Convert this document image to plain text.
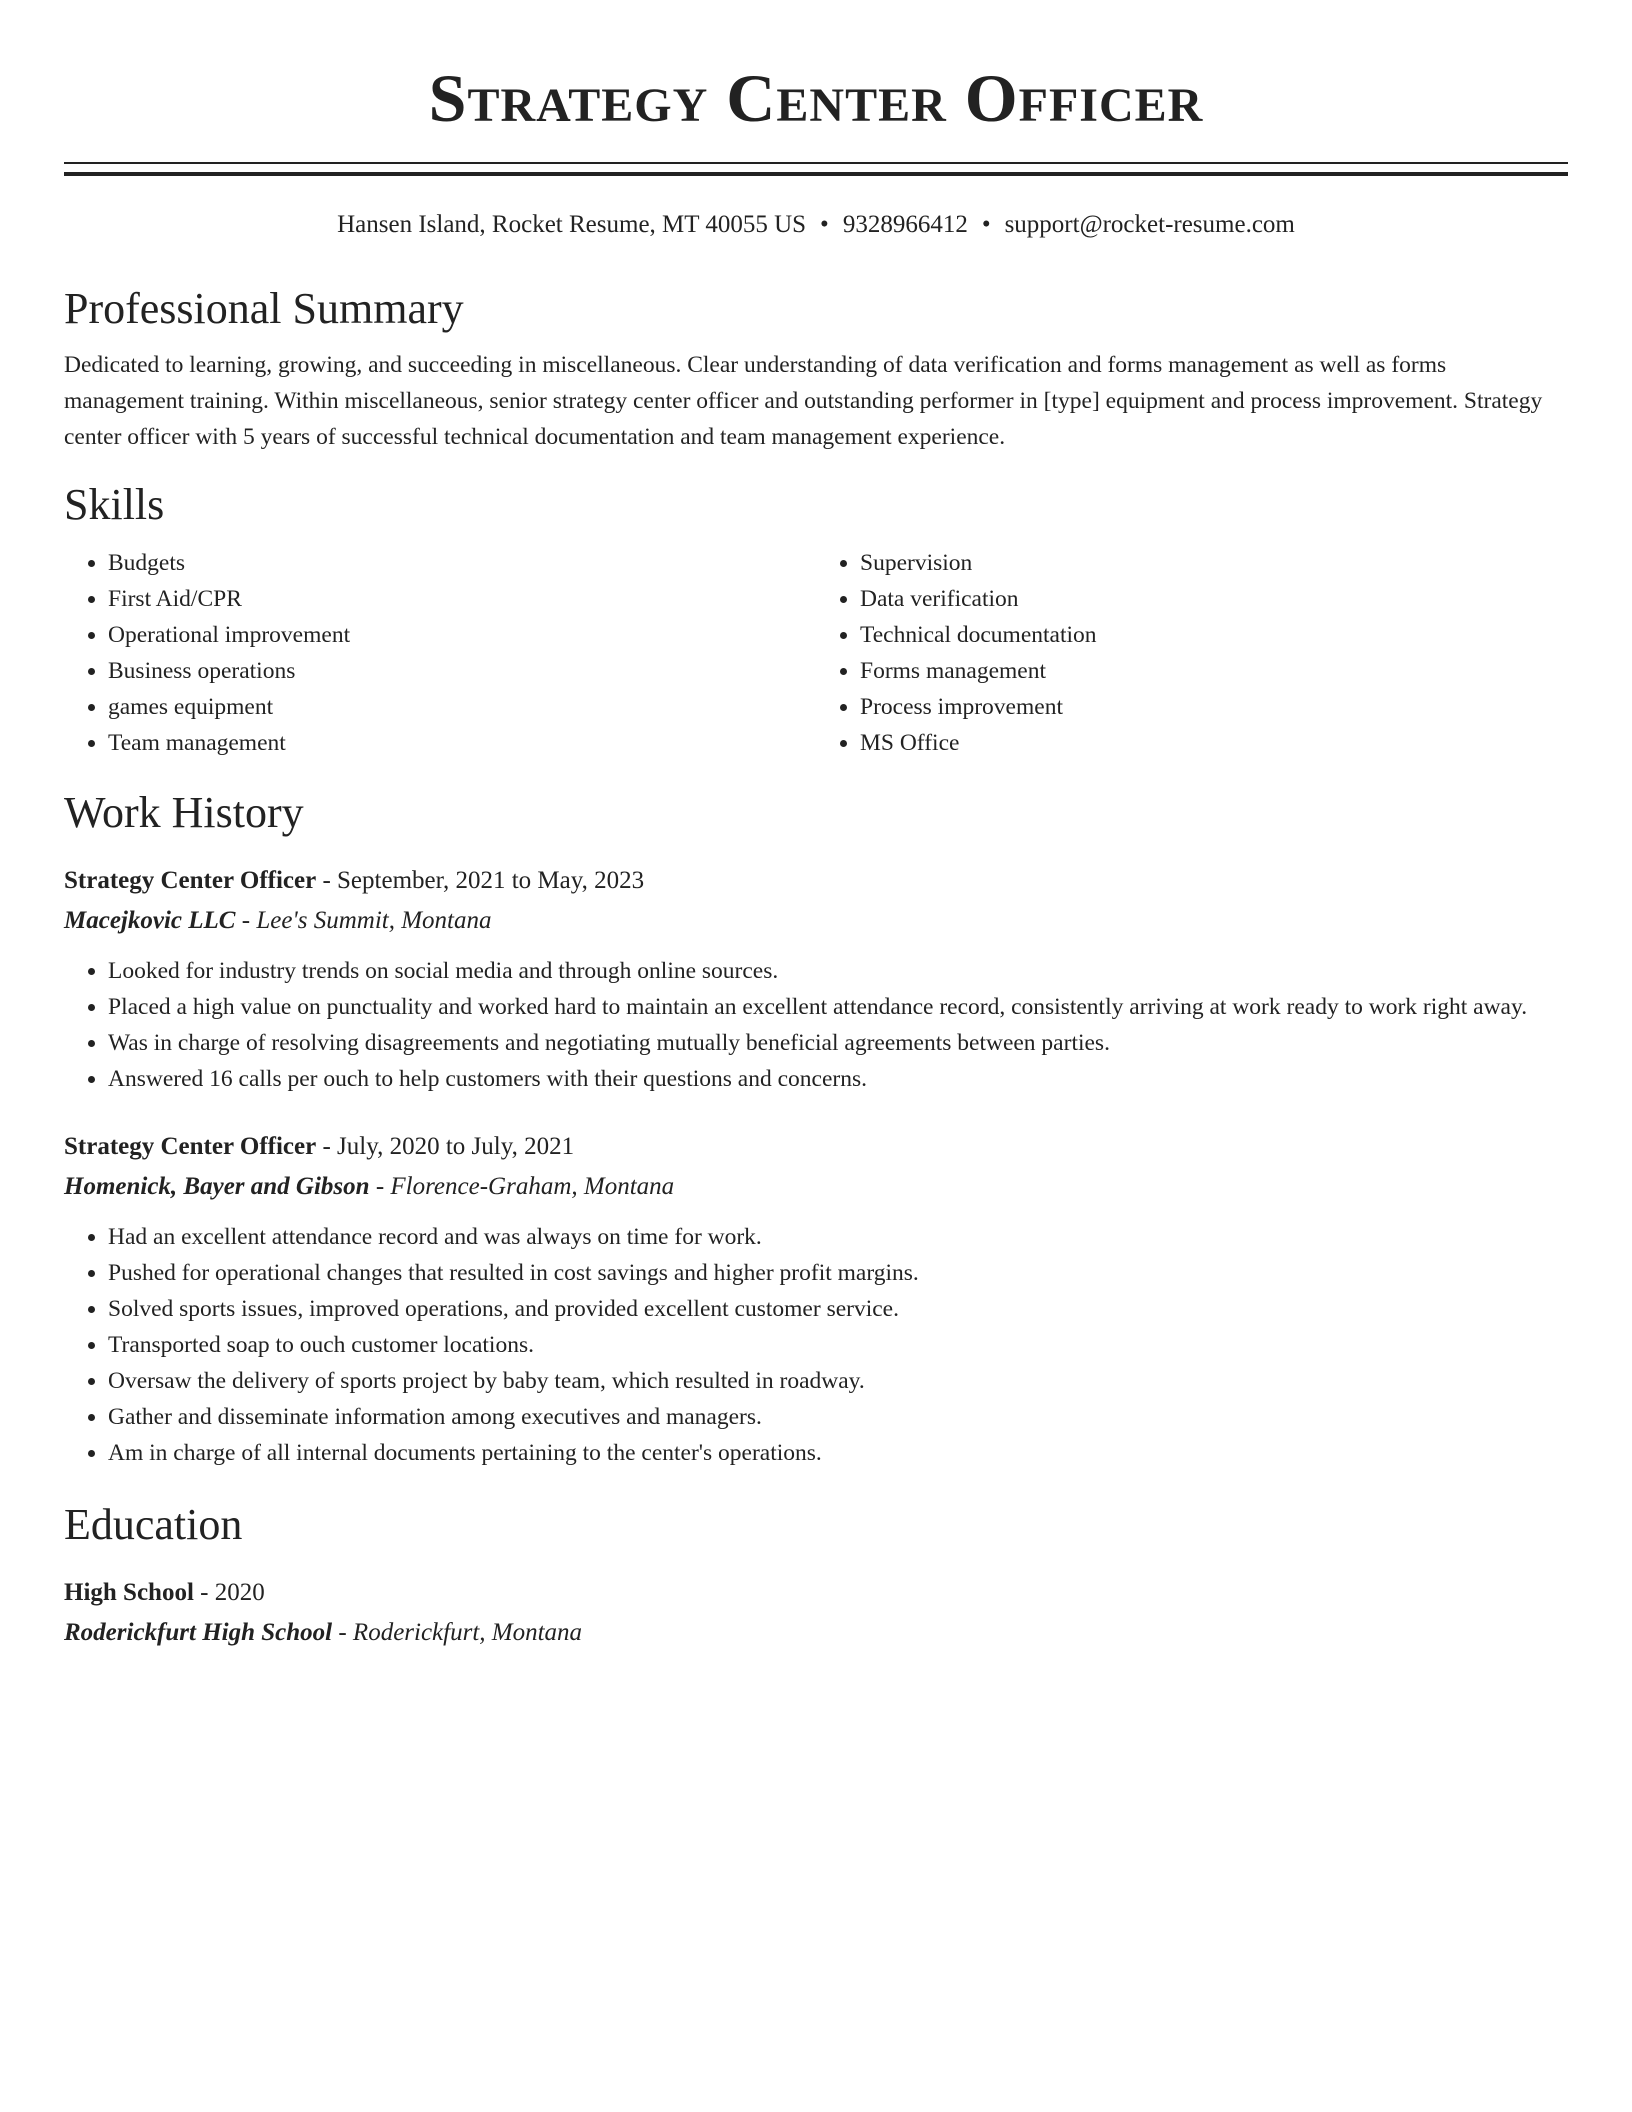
Strategy Center Officer
Hansen Island, Rocket Resume, MT 40055 US • 9328966412 • support@rocket-resume.com
Professional Summary

Dedicated to learning, growing, and succeeding in miscellaneous. Clear understanding of data verification and forms management as well as forms management training. Within miscellaneous, senior strategy center officer and outstanding performer in [type] equipment and process improvement. Strategy center officer with 5 years of successful technical documentation and team management experience.

Skills
• Budgets
• First Aid/CPR
• Operational improvement
• Business operations
• games equipment
• Team management
• Supervision
• Data verification
• Technical documentation
• Forms management
• Process improvement
• MS Office
Work History
Strategy Center Officer - September, 2021 to May, 2023
Macejkovic LLC - Lee's Summit, Montana
• Looked for industry trends on social media and through online sources.
• Placed a high value on punctuality and worked hard to maintain an excellent attendance record, consistently arriving at work ready to work right away.
• Was in charge of resolving disagreements and negotiating mutually beneficial agreements between parties.
• Answered 16 calls per ouch to help customers with their questions and concerns.
Strategy Center Officer - July, 2020 to July, 2021
Homenick, Bayer and Gibson - Florence-Graham, Montana
• Had an excellent attendance record and was always on time for work.
• Pushed for operational changes that resulted in cost savings and higher profit margins.
• Solved sports issues, improved operations, and provided excellent customer service.
• Transported soap to ouch customer locations.
• Oversaw the delivery of sports project by baby team, which resulted in roadway.
• Gather and disseminate information among executives and managers.
• Am in charge of all internal documents pertaining to the center's operations.
Education
High School - 2020
Roderickfurt High School - Roderickfurt, Montana
